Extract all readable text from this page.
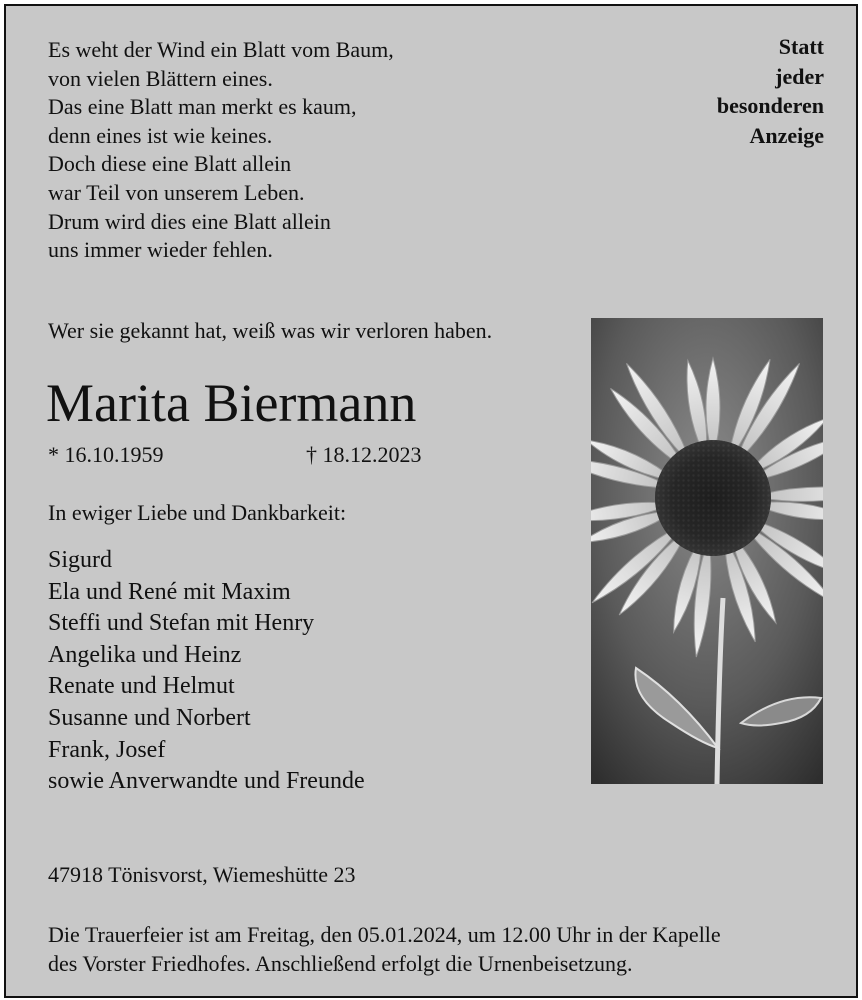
Es weht der Wind ein Blatt vom Baum,
von vielen Blättern eines.
Das eine Blatt man merkt es kaum,
denn eines ist wie keines.
Doch diese eine Blatt allein
war Teil von unserem Leben.
Drum wird dies eine Blatt allein
uns immer wieder fehlen.
Statt
jeder
besonderen
Anzeige
Wer sie gekannt hat, weiß was wir verloren haben.
Marita Biermann
* 16.10.1959	† 18.12.2023
In ewiger Liebe und Dankbarkeit:
Sigurd
Ela und René mit Maxim
Steffi und Stefan mit Henry
Angelika und Heinz
Renate und Helmut
Susanne und Norbert
Frank, Josef
sowie Anverwandte und Freunde
47918 Tönisvorst, Wiemeshütte 23
Die Trauerfeier ist am Freitag, den 05.01.2024, um 12.00 Uhr in der Kapelle
des Vorster Friedhofes. Anschließend erfolgt die Urnenbeisetzung.
